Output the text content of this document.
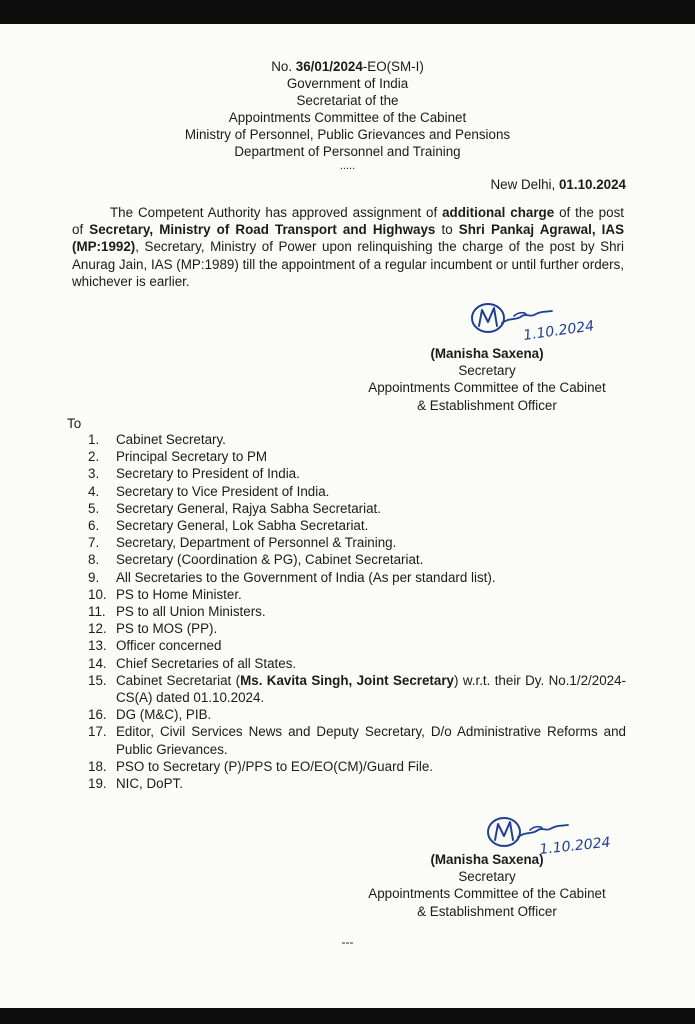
No. 36/01/2024-EO(SM-I)
Government of India
Secretariat of the
Appointments Committee of the Cabinet
Ministry of Personnel, Public Grievances and Pensions
Department of Personnel and Training
.....
New Delhi, 01.10.2024
The Competent Authority has approved assignment of additional charge of the post of Secretary, Ministry of Road Transport and Highways to Shri Pankaj Agrawal, IAS (MP:1992), Secretary, Ministry of Power upon relinquishing the charge of the post by Shri Anurag Jain, IAS (MP:1989) till the appointment of a regular incumbent or until further orders, whichever is earlier.
1.10.2024
(Manisha Saxena)
Secretary
Appointments Committee of the Cabinet
& Establishment Officer
To
1.	Cabinet Secretary.
2.	Principal Secretary to PM
3.	Secretary to President of India.
4.	Secretary to Vice President of India.
5.	Secretary General, Rajya Sabha Secretariat.
6.	Secretary General, Lok Sabha Secretariat.
7.	Secretary, Department of Personnel & Training.
8.	Secretary (Coordination & PG), Cabinet Secretariat.
9.	All Secretaries to the Government of India (As per standard list).
10. PS to Home Minister.
11. PS to all Union Ministers.
12. PS to MOS (PP).
13. Officer concerned
14. Chief Secretaries of all States.
15. Cabinet Secretariat (Ms. Kavita Singh, Joint Secretary) w.r.t. their Dy. No.1/2/2024-CS(A) dated 01.10.2024.
16. DG (M&C), PIB.
17. Editor, Civil Services News and Deputy Secretary, D/o Administrative Reforms and Public Grievances.
18. PSO to Secretary (P)/PPS to EO/EO(CM)/Guard File.
19. NIC, DoPT.
1.10.2024
(Manisha Saxena)
Secretary
Appointments Committee of the Cabinet
& Establishment Officer
---
